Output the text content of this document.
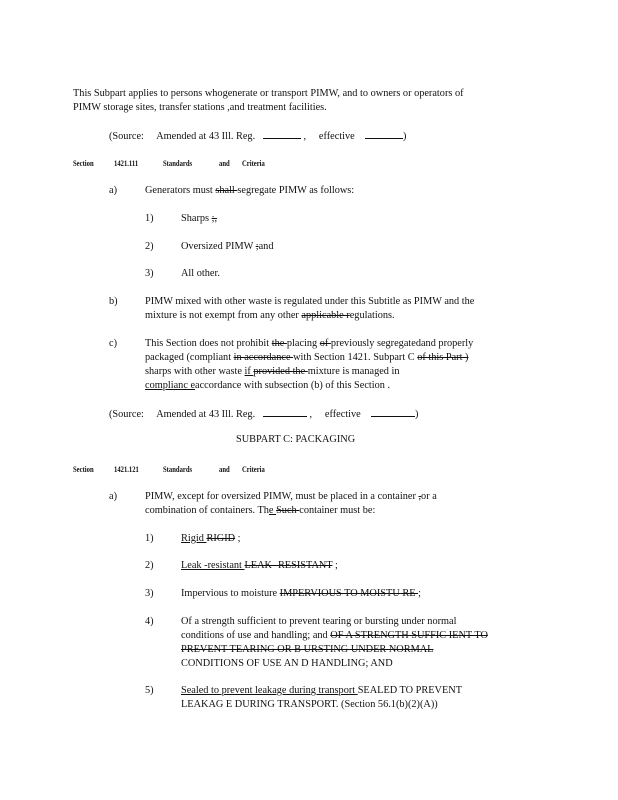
This Subpart applies to persons whogenerate or transport PIMW, and to owners or operators of
PIMW storage sites, transfer stations ,and treatment facilities.
(Source: Amended at 43 Ill. Reg.	,     effective	)
Section 1421.111	Standards	and Criteria
a)	Generators must shall segregate PIMW as follows:
1)	Sharps ;,
2)	Oversized PIMW ;and
3)	All other.
b)	PIMW mixed with other waste is regulated under this Subtitle as PIMW and the
mixture is not exempt from any other applicable regulations.
c)	This Section does not prohibit the placing of previously segregatedand properly
packaged (compliant in accordance with Section 1421. Subpart C of this Part )
sharps with other waste if provided the mixture is managed in
complianc eaccordance with subsection (b) of this Section .
(Source: Amended at 43 Ill. Reg.	,     effective	)
SUBPART C: PACKAGING
Section 1421.121	Standards	and Criteria
a)	PIMW, except for oversized PIMW, must be placed in a container ,or a
combination of containers. The Such container must be:
1)	Rigid RIGID ;
2)	Leak -resistant LEAK -RESISTANT ;
3)	Impervious to moisture IMPERVIOUS TO MOISTU RE ;
4)	Of a strength sufficient to prevent tearing or bursting under normal
conditions of use and handling; and OF A STRENGTH SUFFIC IENT TO
PREVENT TEARING OR B URSTING UNDER NORMAL
CONDITIONS OF USE AN D HANDLING; AND
5)	Sealed to prevent leakage during transport SEALED TO PREVENT
LEAKAG E DURING TRANSPORT. (Section 56.1(b)(2)(A))
